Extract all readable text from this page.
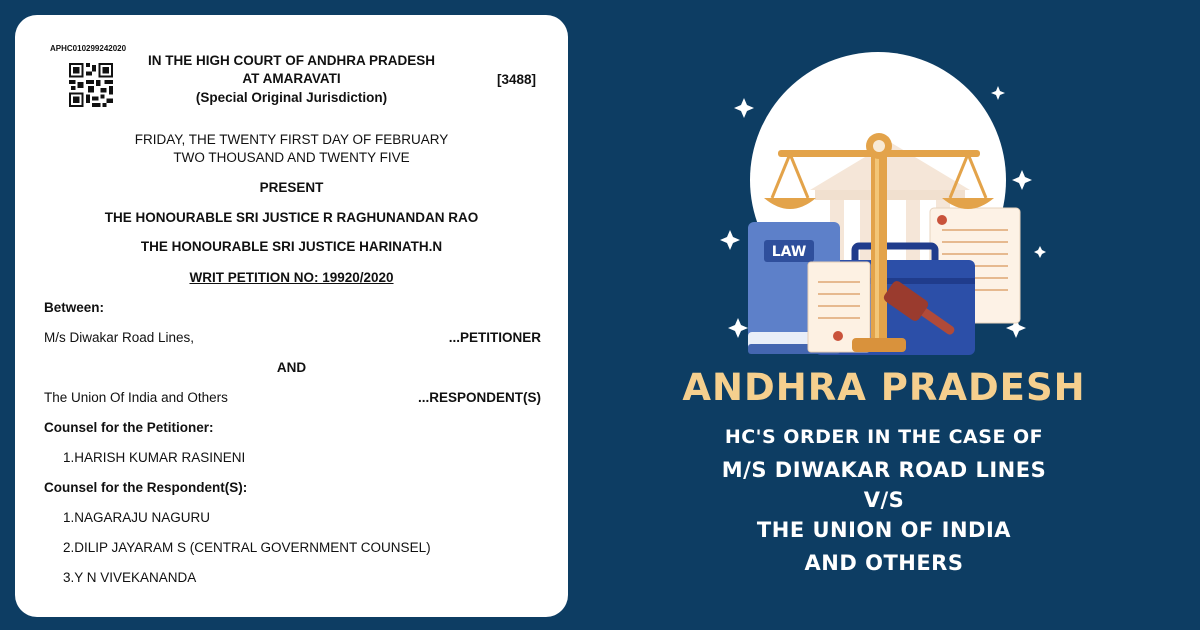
APHC010299242020
IN THE HIGH COURT OF ANDHRA PRADESH
AT AMARAVATI	[3488]
(Special Original Jurisdiction)
FRIDAY, THE TWENTY FIRST DAY OF FEBRUARY
TWO THOUSAND AND TWENTY FIVE
PRESENT
THE HONOURABLE SRI JUSTICE R RAGHUNANDAN RAO
THE HONOURABLE SRI JUSTICE HARINATH.N
WRIT PETITION NO: 19920/2020
Between:
M/s Diwakar Road Lines,	...PETITIONER
AND
The Union Of India and Others	...RESPONDENT(S)
Counsel for the Petitioner:
1.HARISH KUMAR RASINENI
Counsel for the Respondent(S):
1.NAGARAJU NAGURU
2.DILIP JAYARAM S (CENTRAL GOVERNMENT COUNSEL)
3.Y N VIVEKANANDA
LAW
ANDHRA PRADESH
HC'S ORDER IN THE CASE OF
M/S DIWAKAR ROAD LINES
V/S
THE UNION OF INDIA
AND OTHERS
